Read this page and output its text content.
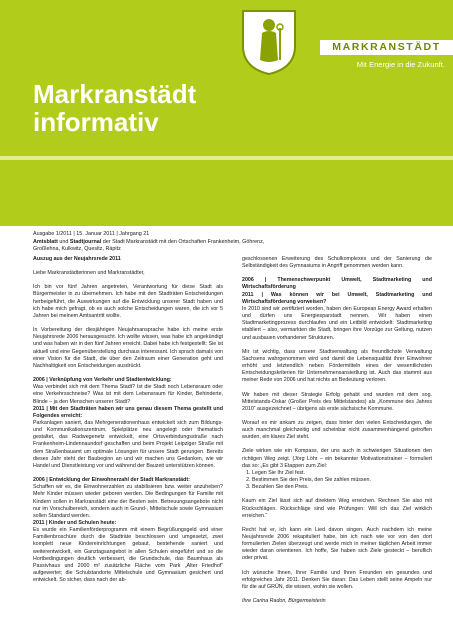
MARKRANSTÄDT
Mit Energie in die Zukunft.
Markranstädt
informativ
Ausgabe 1/2011 | 15. Januar 2011 | Jahrgang 21
Amtsblatt und Stadtjournal der Stadt Markranstädt mit den Ortschaften Frankenheim, Göhrenz,
Großlehna, Kulkwitz, Quesitz, Räpitz

Auszug aus der Neujahrsrede 2011

Liebe Markranstädterinnen und Markranstädter,

Ich bin vor fünf Jahren angetreten, Verantwortung für diese Stadt als Bürgermeister in zu übernehmen. Ich habe mit den Stadträten Entscheidungen herbeigeführt, die Auswirkungen auf die Entwicklung unserer Stadt haben und ich habe mich gefragt, ob es auch solche Entscheidungen waren, die ich vor 5 Jahren bei meinem Amtsantritt wollte.

In Vorbereitung der diesjährigen Neujahrsansprache habe ich meine erste Neujahrsrede 2006 herausgesucht. Ich wollte wissen, was habe ich angekündigt und was haben wir in den fünf Jahren erreicht. Dabei habe ich festgestellt: Sie ist aktuell und eine Gegenüberstellung durchaus interessant. Ich sprach damals von einer Vision für die Stadt, die über den Zeitraum einer Generation geht und Nachhaltigkeit von Entscheidungen ausdrückt.

2006 | Verknüpfung von Verkehr und Stadtentwicklung:

Was verbindet sich mit dem Thema Stadt? Ist die Stadt noch Lebensraum oder eine Verkehrsschneise? Was ist mit dem Lebensraum für Kinder, Behinderte, Blinde – ja den Menschen unserer Stadt?

2011 | Mit den Stadträten haben wir uns genau diesem Thema gestellt und Folgendes erreicht:

Parkanlagen saniert, das Mehrgenerationenhaus entwickelt sich zum Bildungs- und Kommunikationszentrum, Spielplätze neu angelegt oder thematisch gestaltet, das Radwegenetz entwickelt, eine Ortsverbindungsstraße nach Frankenheim-Lindennaundorf geschaffen und beim Projekt Leipziger Straße mit dem Straßenbauamt um optimale Lösungen für unsere Stadt gerungen. Bereits dieses Jahr steht der Baubeginn an und wir machen uns Gedanken, wie wir Handel und Dienstleistung vor und während der Bauzeit unterstützen können.

2006 | Entwicklung der Einwohnerzahl der Stadt Markranstädt:

Schaffen wir es, die Einwohnerzahlen zu stabilisieren bzw. weiter anzuheben? Mehr Kinder müssen wieder geboren werden. Die Bedingungen für Familie mit Kindern sollen in Markranstädt eine der Besten sein. Betreuungsangebote nicht nur im Vorschulbereich, sondern auch in Grund-, Mittelschule sowie Gymnasium sollen Standard werden.

2011 | Kinder und Schulen heute:

Es wurde ein Familienförderprogramm mit einem Begrüßungsgeld und einer Familienbroschüre durch die Stadträte beschlossen und umgesetzt, zwei komplett neue Kindereinrichtungen gebaut, bestehende saniert und weiterentwickelt, ein Ganztagsangebot in allen Schulen eingeführt und so die Hortbedingungen deutlich verbessert, die Grundschule, das Baumhaus als Passivhaus und 2000 m² zusätzliche Fläche vom Park „Alter Friedhof“ aufgewertet; die Schulstandorte Mittelschule und Gymnasium gesichert und entwickelt. So sicher, dass nach der ab-

geschlossenen Erweiterung des Schulkomplexes und der Sanierung die Selbständigkeit des Gymnasiums in Angriff genommen werden kann.

2006 | Themenschwerpunkt Umwelt, Stadtmarketing und Wirtschaftsförderung

2011 | Was können wir bei Umwelt, Stadtmarketing und Wirtschaftsförderung vorweisen?

In 2010 sind wir zertifiziert worden, haben den European Energy Award erhalten und dürfen uns Energiesparstadt nennen. Wir haben einen Stadtmarketingprozess durchlaufen und ein Leitbild entwickelt: Stadtmarketing etabliert – also, vermarkten die Stadt, bringen ihre Vorzüge zur Geltung, nutzen und ausbauen vorhandener Strukturen.

Mir ist wichtig, dass unsere Stadtverwaltung als freundlichste Verwaltung Sachsens wahrgenommen wird und damit die Lebensqualität ihrer Einwohner erhöht und letztendlich neben Fördermitteln eines der wesentlichsten Entscheidungskriterien für Unternehmensansiedlung ist. Auch das stammt aus meiner Rede von 2006 und hat nichts an Bedeutung verloren.

Wir haben mit dieser Strategie Erfolg gehabt und wurden mit dem sog. Mittelstands-Oskar (Großer Preis des Mittelstandes) als „Kommune des Jahres 2010“ ausgezeichnet – übrigens als erste sächsische Kommune.

Worauf es mir ankam zu zeigen, dass hinter den vielen Entscheidungen, die auch manchmal gleichzeitig und scheinbar nicht zusammenhängend getroffen wurden, ein klares Ziel steht.

Ziele wirken wie ein Kompass, der uns auch in schwierigen Situationen den richtigen Weg zeigt. (Jörg Löhr – ein bekannter Motivationstrainer – formuliert das so: „Es gibt 3 Etappen zum Ziel:

1. Legen Sie Ihr Ziel fest.
2. Bestimmen Sie den Preis, den Sie zahlen müssen.
3. Bezahlen Sie den Preis.

Kaum ein Ziel lässt sich auf direktem Weg erreichen. Rechnen Sie also mit Rückschlägen. Rückschläge sind wie Prüfungen: Will ich das Ziel wirklich erreichen.“

Recht hat er, ich kann ein Lied davon singen. Auch nachdem ich meine Neujahrsrede 2006 rekapituliert habe, bin ich nach wie vor von den dort formulierten Zielen überzeugt und werde mich in meiner täglichen Arbeit immer wieder daran orientieren. Ich hoffe, Sie haben sich Ziele gesteckt – beruflich oder privat.

Ich wünsche Ihnen, Ihrer Familie und Ihren Freunden ein gesundes und erfolgreiches Jahr 2011. Denken Sie daran: Das Leben stellt seine Ampeln nur für die auf GRÜN, die wissen, wohin sie wollen.

Ihre Carina Radon, Bürgermeisterin
